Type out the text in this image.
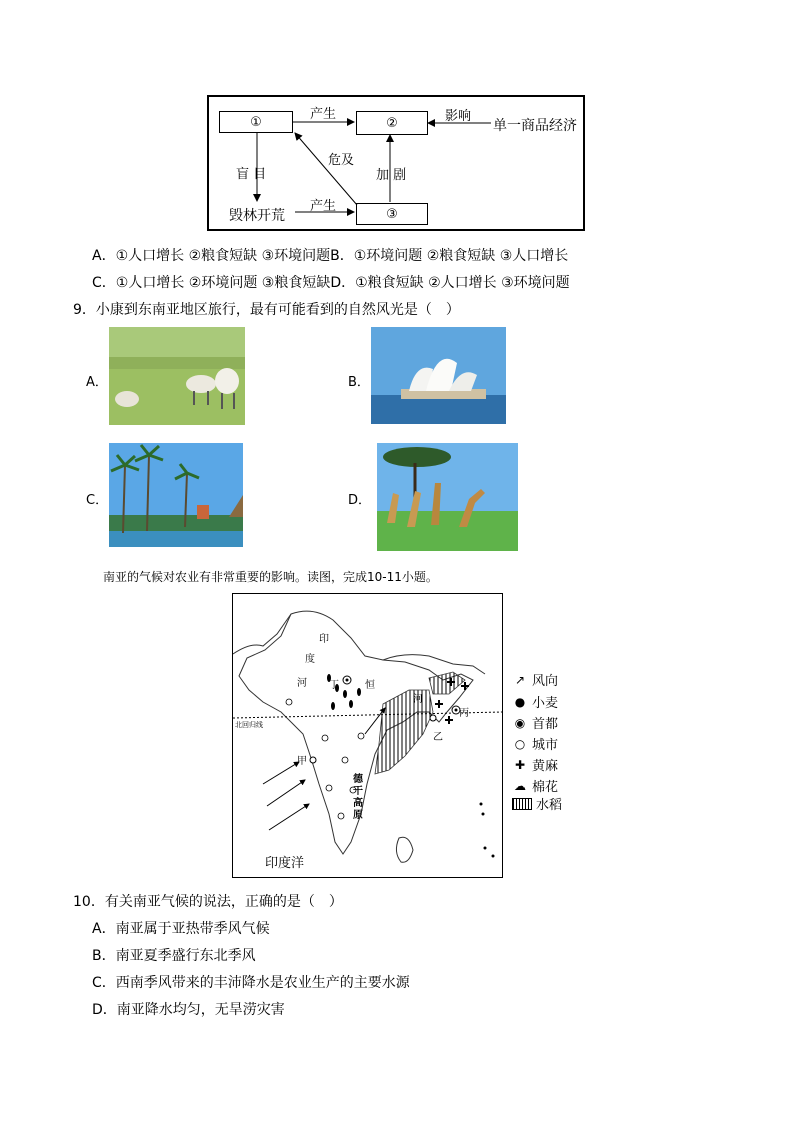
①	②
③
产生	影响
单一商品经济
危及
加 剧
盲 目
毁林开荒
产生
A．①人口增长 ②粮食短缺 ③环境问题B．①环境问题 ②粮食短缺 ③人口增长
C．①人口增长 ②环境问题 ③粮食短缺D．①粮食短缺 ②人口增长 ③环境问题
9．小康到东南亚地区旅行，最有可能看到的自然风光是（　）
A．	B．
C．	D．
南亚的气候对农业有非常重要的影响。读图，完成10-11小题。
印
度
河	恒
河
丁
甲
丙
乙
德
干
高
原
北回归线
印度洋
↗ 风向
● 小麦
◉ 首都
○ 城市
✚ 黄麻
☁ 棉花
水稻
10．有关南亚气候的说法，正确的是（　）
A．南亚属于亚热带季风气候
B．南亚夏季盛行东北季风
C．西南季风带来的丰沛降水是农业生产的主要水源
D．南亚降水均匀，无旱涝灾害
